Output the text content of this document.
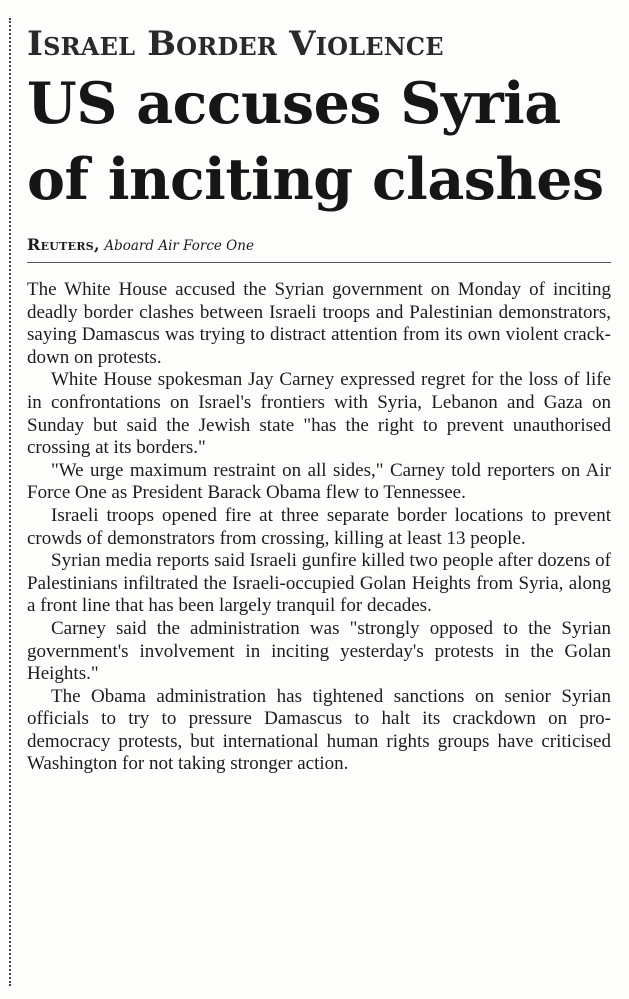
Israel Border Violence
US accuses Syria
of inciting clashes
Reuters, Aboard Air Force One

The White House accused the Syrian government on Monday of inciting deadly border clashes between Israeli troops and Palestinian demonstrators, saying Damascus was trying to distract attention from its own violent crackdown on protests.

White House spokesman Jay Carney expressed regret for the loss of life in confrontations on Israel's frontiers with Syria, Lebanon and Gaza on Sunday but said the Jewish state "has the right to prevent unauthorised crossing at its borders."

"We urge maximum restraint on all sides," Carney told reporters on Air Force One as President Barack Obama flew to Tennessee.

Israeli troops opened fire at three separate border locations to prevent crowds of demonstrators from crossing, killing at least 13 people.

Syrian media reports said Israeli gunfire killed two people after dozens of Palestinians infiltrated the Israeli-occupied Golan Heights from Syria, along a front line that has been largely tranquil for decades.

Carney said the administration was "strongly opposed to the Syrian government's involvement in inciting yesterday's protests in the Golan Heights."

The Obama administration has tightened sanctions on senior Syrian officials to try to pressure Damascus to halt its crackdown on pro-democracy protests, but international human rights groups have criticised Washington for not taking stronger action.
